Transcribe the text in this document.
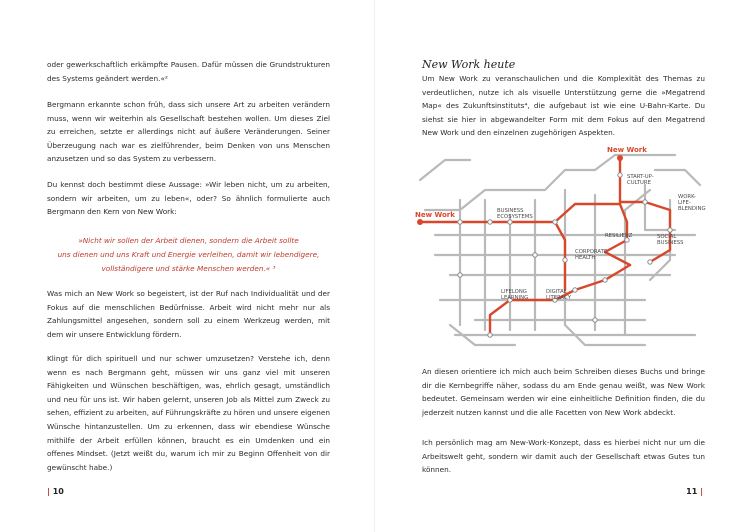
oder gewerkschaftlich erkämpfte Pausen. Dafür müssen die Grundstrukturen des Systems geändert werden.«²

Bergmann erkannte schon früh, dass sich unsere Art zu arbeiten verändern muss, wenn wir weiterhin als Gesellschaft bestehen wollen. Um dieses Ziel zu erreichen, setzte er allerdings nicht auf äußere Veränderungen. Seiner Überzeugung nach war es zielführender, beim Denken von uns Menschen anzusetzen und so das System zu verbessern.

Du kennst doch bestimmt diese Aussage: »Wir leben nicht, um zu arbeiten, sondern wir arbeiten, um zu leben«, oder? So ähnlich formulierte auch Bergmann den Kern von New Work:

»Nicht wir sollen der Arbeit dienen, sondern die Arbeit sollte
uns dienen und uns Kraft und Energie verleihen, damit wir lebendigere,
vollständigere und stärke Menschen werden.« ³

Was mich an New Work so begeistert, ist der Ruf nach Individualität und der Fokus auf die menschlichen Bedürfnisse. Arbeit wird nicht mehr nur als Zahlungsmittel angesehen, sondern soll zu einem Werkzeug werden, mit dem wir unsere Entwicklung fördern.

Klingt für dich spirituell und nur schwer umzusetzen? Verstehe ich, denn wenn es nach Bergmann geht, müssen wir uns ganz viel mit unseren Fähigkeiten und Wünschen beschäftigen, was, ehrlich gesagt, umständlich und neu für uns ist. Wir haben gelernt, unseren Job als Mittel zum Zweck zu sehen, effizient zu arbeiten, auf Führungskräfte zu hören und unsere eigenen Wünsche hintanzustellen. Um zu erkennen, dass wir ebendiese Wünsche mithilfe der Arbeit erfüllen können, braucht es ein Umdenken und ein offenes Mindset. (Jetzt weißt du, warum ich mir zu Beginn Offenheit von dir gewünscht habe.)

| 10
New Work heute

Um New Work zu veranschaulichen und die Komplexität des Themas zu verdeutlichen, nutze ich als visuelle Unterstützung gerne die »Megatrend Map« des Zukunftsinstituts⁴, die aufgebaut ist wie eine U-Bahn-Karte. Du siehst sie hier in abgewandelter Form mit dem Fokus auf den Megatrend New Work und den einzelnen zugehörigen Aspekten.

New Work
New Work
START-UP-
CULTURE
WORK-
LIFE-
BLENDING
BUSINESS
ECOSYSTEMS
RESILIENZ	SOCIAL
BUSINESS
CORPORATE
HEALTH
LIFELONG
LEARNING
DIGITAL
LITERACY

An diesen orientiere ich mich auch beim Schreiben dieses Buchs und bringe dir die Kernbegriffe näher, sodass du am Ende genau weißt, was New Work bedeutet. Gemeinsam werden wir eine einheitliche Definition finden, die du jederzeit nutzen kannst und die alle Facetten von New Work abdeckt.

Ich persönlich mag am New-Work-Konzept, dass es hierbei nicht nur um die Arbeitswelt geht, sondern wir damit auch der Gesellschaft etwas Gutes tun können.

11 |
